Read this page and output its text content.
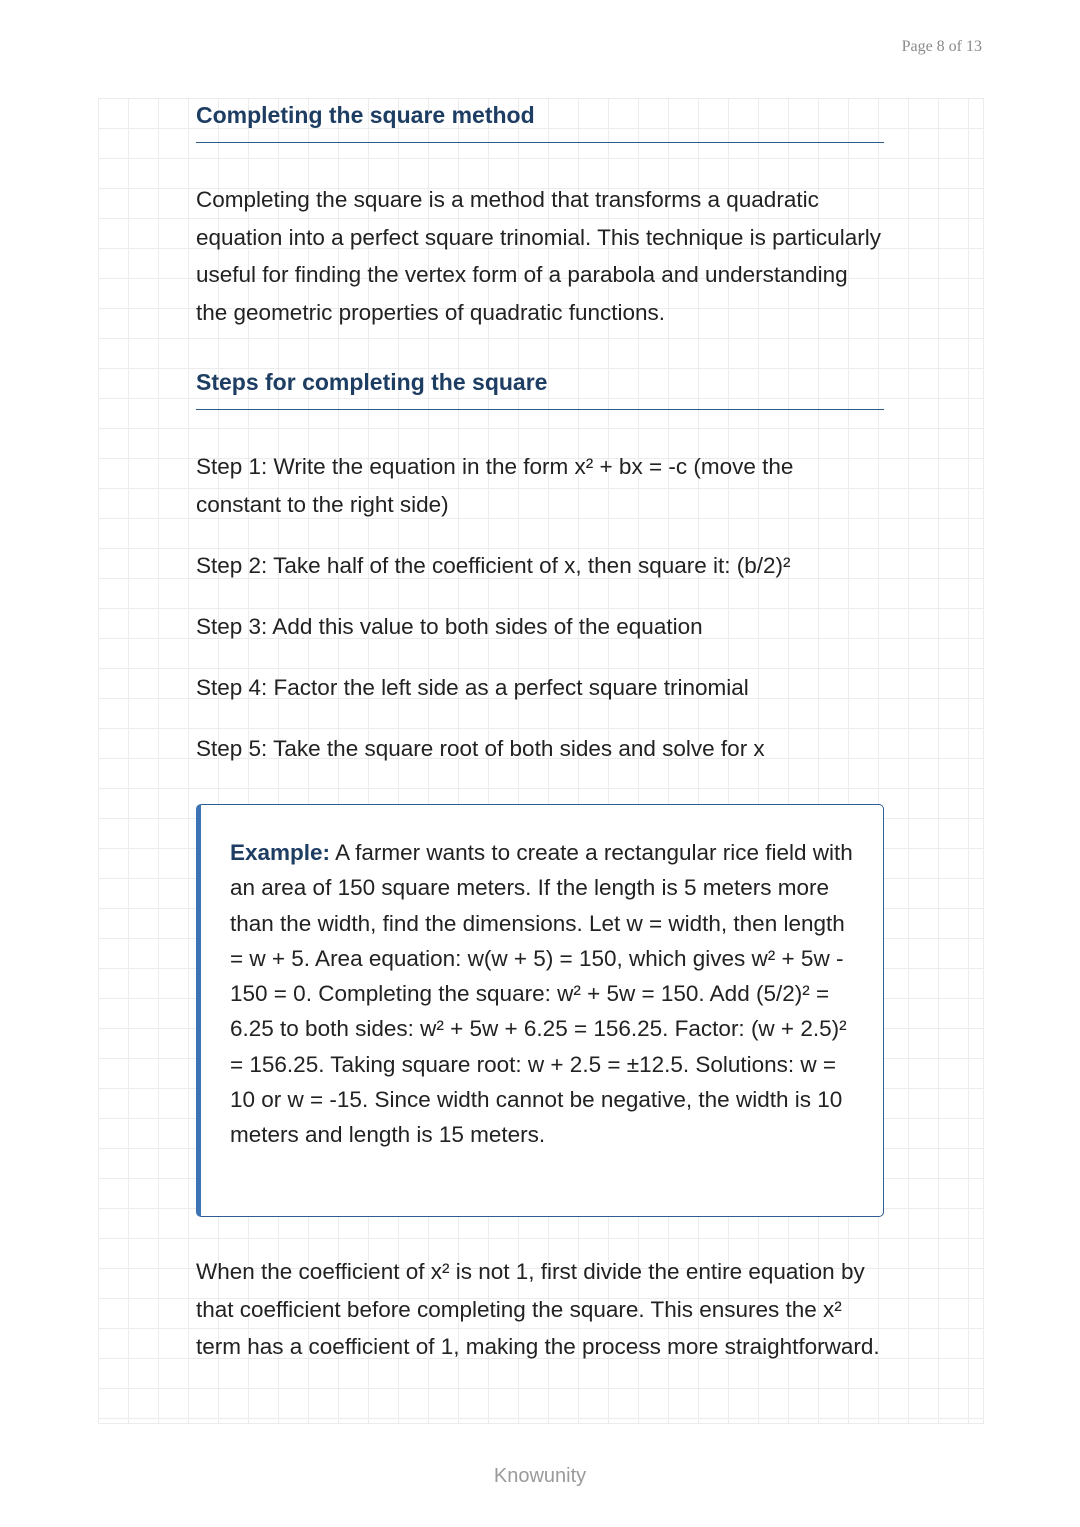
Page 8 of 13
Completing the square method

Completing the square is a method that transforms a quadratic equation into a perfect square trinomial. This technique is particularly useful for finding the vertex form of a parabola and understanding the geometric properties of quadratic functions.

Steps for completing the square

Step 1: Write the equation in the form x² + bx = -c (move the constant to the right side)

Step 2: Take half of the coefficient of x, then square it: (b/2)²

Step 3: Add this value to both sides of the equation

Step 4: Factor the left side as a perfect square trinomial

Step 5: Take the square root of both sides and solve for x

Example: A farmer wants to create a rectangular rice field with an area of 150 square meters. If the length is 5 meters more than the width, find the dimensions. Let w = width, then length = w + 5. Area equation: w(w + 5) = 150, which gives w² + 5w - 150 = 0. Completing the square: w² + 5w = 150. Add (5/2)² = 6.25 to both sides: w² + 5w + 6.25 = 156.25. Factor: (w + 2.5)² = 156.25. Taking square root: w + 2.5 = ±12.5. Solutions: w = 10 or w = -15. Since width cannot be negative, the width is 10 meters and length is 15 meters.

When the coefficient of x² is not 1, first divide the entire equation by that coefficient before completing the square. This ensures the x² term has a coefficient of 1, making the process more straightforward.

Knowunity
